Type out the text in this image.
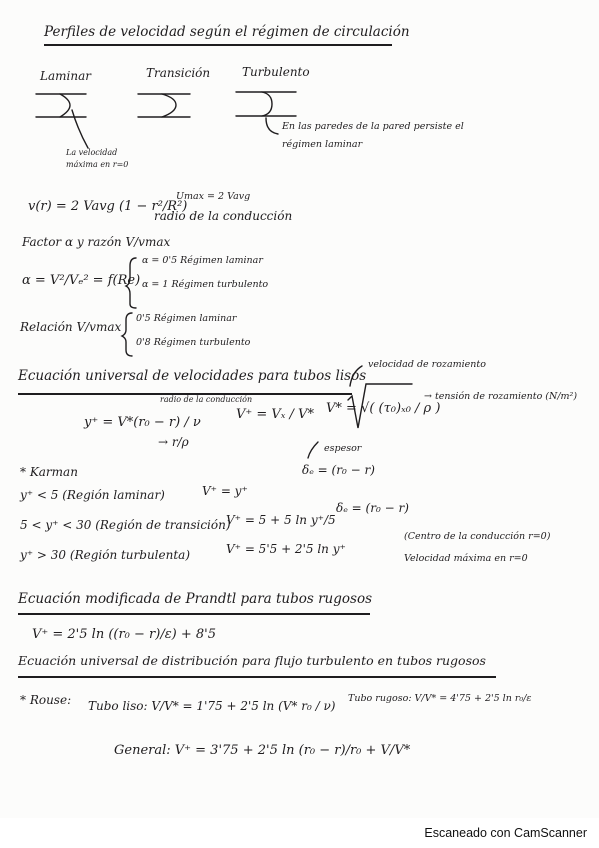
Perfiles de velocidad según el régimen de circulación
Laminar	Transición	Turbulento
La velocidad
máxima en r=0
En las paredes de la pared persiste el
régimen laminar
v(r) = 2 Vavg (1 − r²/R²)
Umax = 2 Vavg
radio de la conducción
Factor α y razón V/vmax
α = V²/Vₑ² = f(Re)
α = 0'5 Régimen laminar
α = 1 Régimen turbulento
Relación V/vmax
0'5 Régimen laminar
0'8 Régimen turbulento
Ecuación universal de velocidades para tubos lisos
y⁺ = V*(r₀ − r) / ν
radio de la conducción
→ r/ρ
V⁺ = Vₓ / V* V* = √( (τ₀)ₓ₀ / ρ )
velocidad de rozamiento
→ tensión de rozamiento (N/m²)
espesor
δₑ = (r₀ − r)
* Karman
y⁺ < 5 (Región laminar)	V⁺ = y⁺
5 < y⁺ < 30 (Región de transición)
V⁺ = 5 + 5 ln y⁺/5
δₑ = (r₀ − r)
y⁺ > 30 (Región turbulenta)	V⁺ = 5'5 + 2'5 ln y⁺
(Centro de la conducción r=0)
Velocidad máxima en r=0
Ecuación modificada de Prandtl para tubos rugosos
V⁺ = 2'5 ln ((r₀ − r)/ε) + 8'5
Ecuación universal de distribución para flujo turbulento en tubos rugosos
* Rouse: Tubo liso: V/V* = 1'75 + 2'5 ln (V* r₀ / ν)
Tubo rugoso: V/V* = 4'75 + 2'5 ln r₀/ε
General: V⁺ = 3'75 + 2'5 ln (r₀ − r)/r₀ + V/V*
Escaneado con CamScanner
